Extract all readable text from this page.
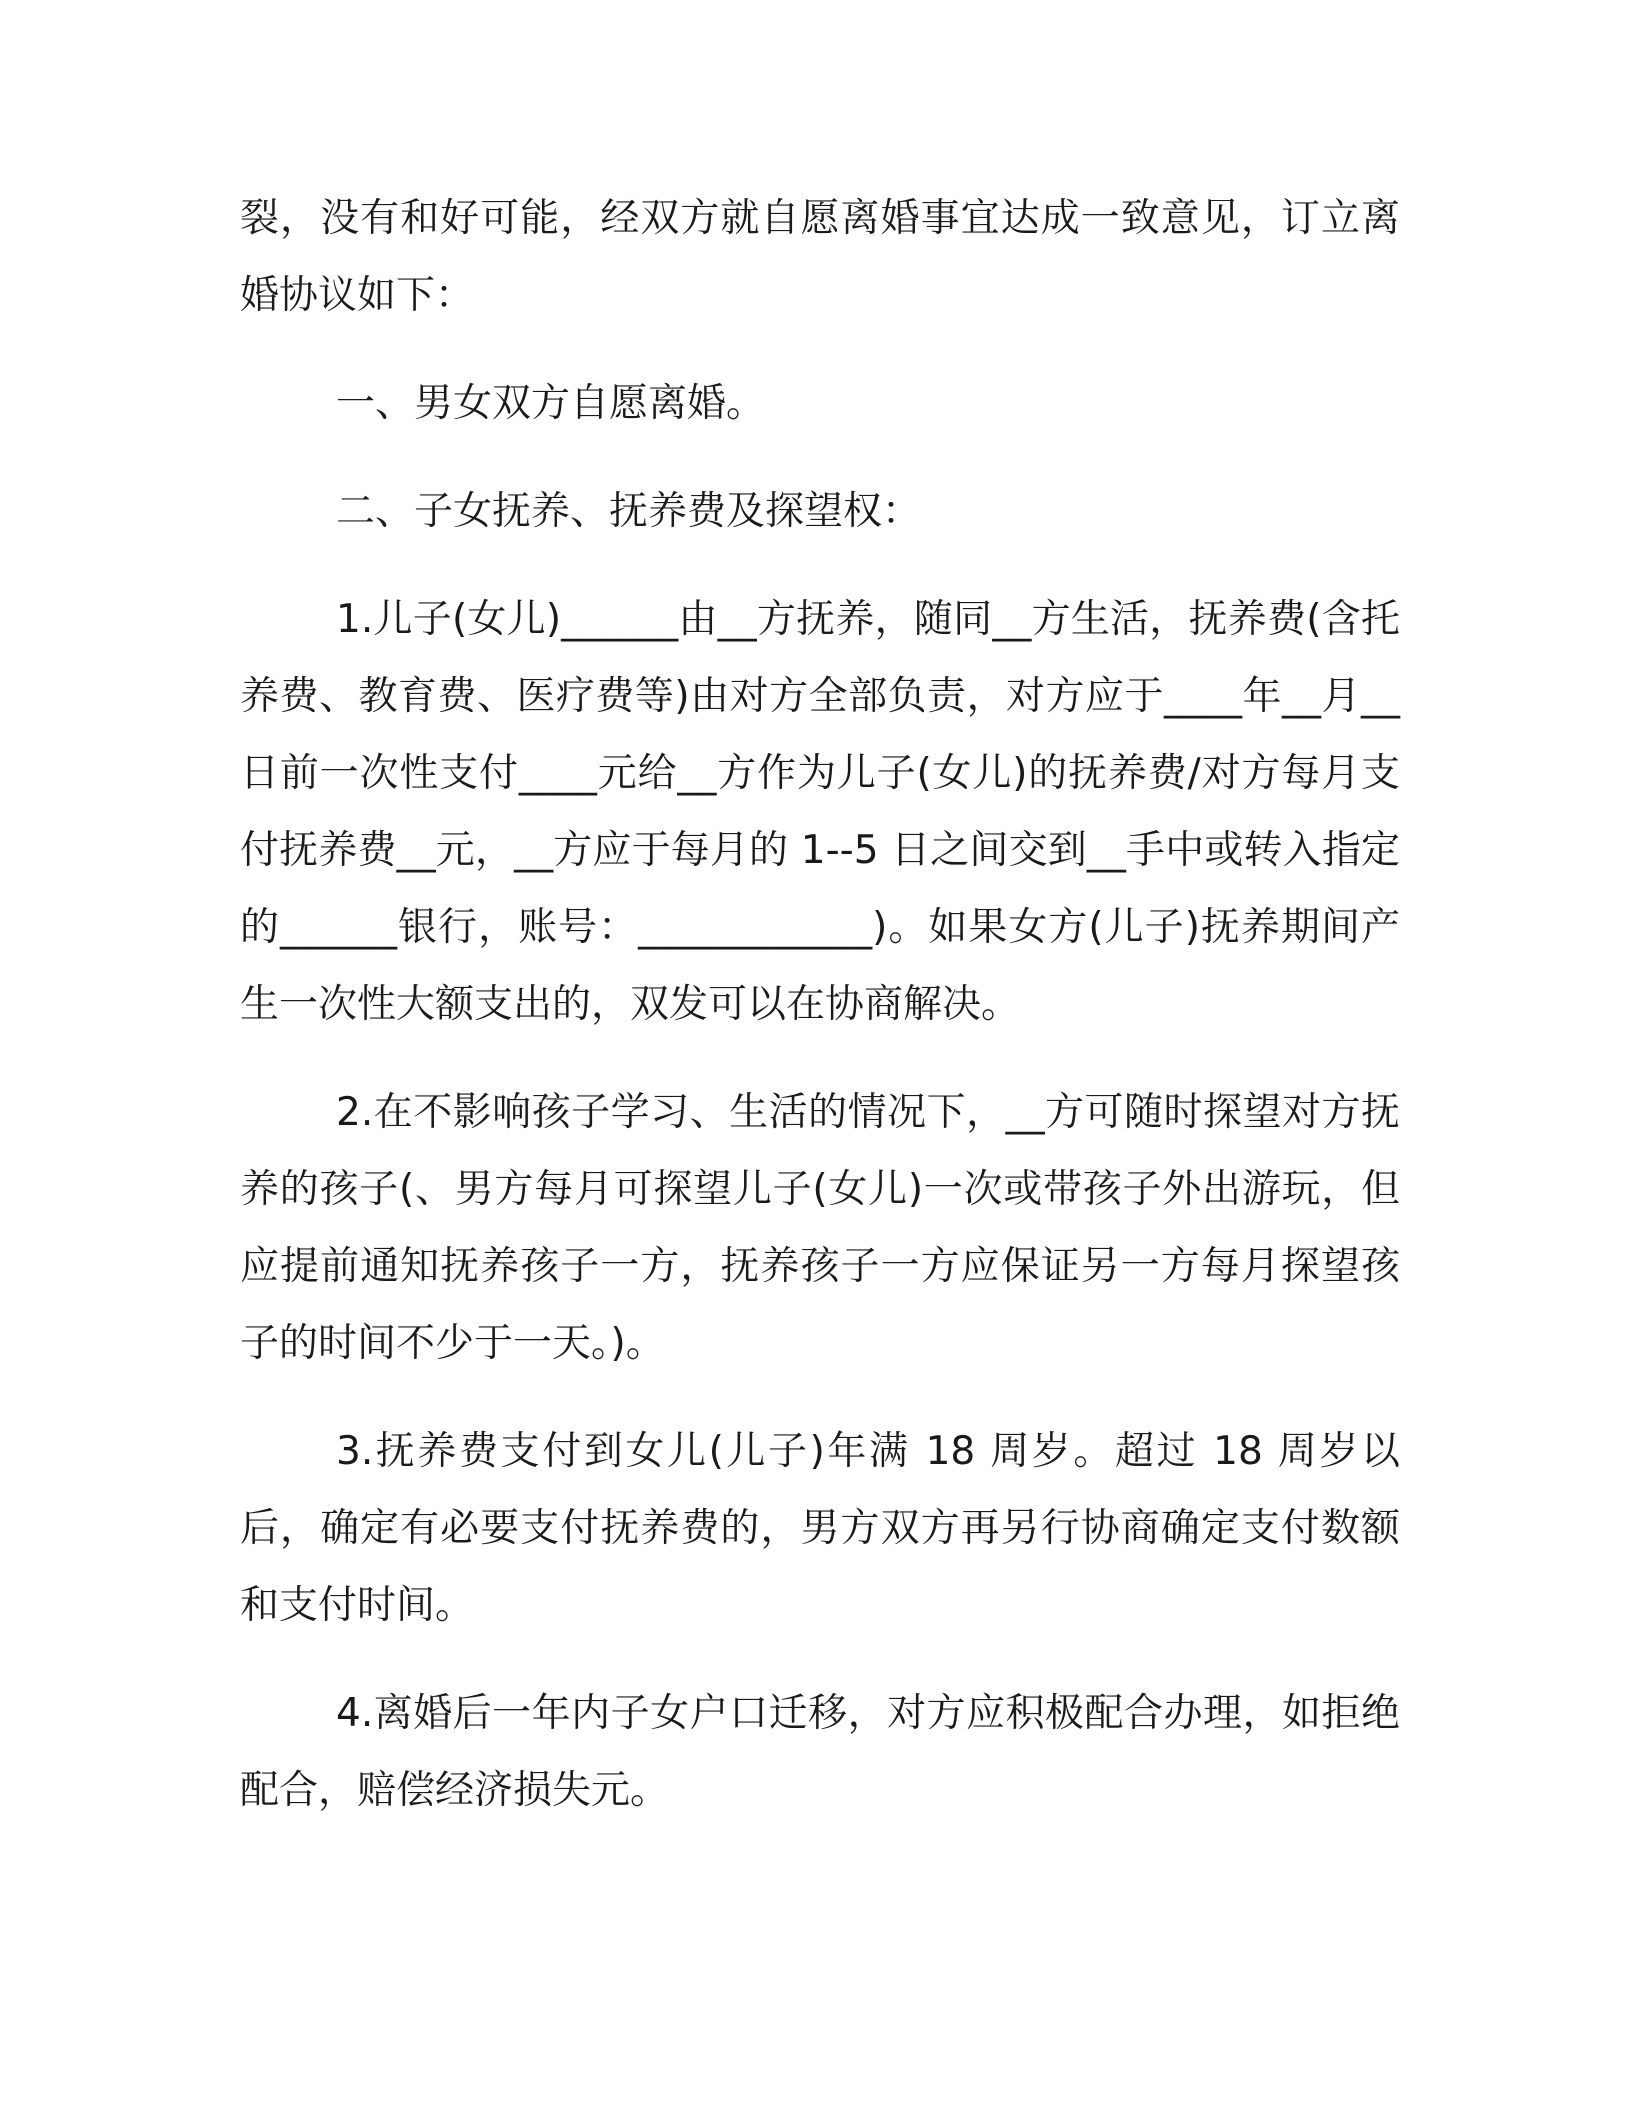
裂，没有和好可能，经双方就自愿离婚事宜达成一致意见，订立离婚协议如下：

一、男女双方自愿离婚。

二、子女抚养、抚养费及探望权：

1.儿子(女儿)______由__方抚养，随同__方生活，抚养费(含托养费、教育费、医疗费等)由对方全部负责，对方应于____年__月__日前一次性支付____元给__方作为儿子(女儿)的抚养费/对方每月支付抚养费__元，__方应于每月的 1--5 日之间交到__手中或转入指定的______银行，账号：____________)。如果女方(儿子)抚养期间产生一次性大额支出的，双发可以在协商解决。

2.在不影响孩子学习、生活的情况下，__方可随时探望对方抚养的孩子(、男方每月可探望儿子(女儿)一次或带孩子外出游玩，但应提前通知抚养孩子一方，抚养孩子一方应保证另一方每月探望孩子的时间不少于一天。)。

3.抚养费支付到女儿(儿子)年满 18 周岁。超过 18 周岁以后，确定有必要支付抚养费的，男方双方再另行协商确定支付数额和支付时间。

4.离婚后一年内子女户口迁移，对方应积极配合办理，如拒绝配合，赔偿经济损失元。
